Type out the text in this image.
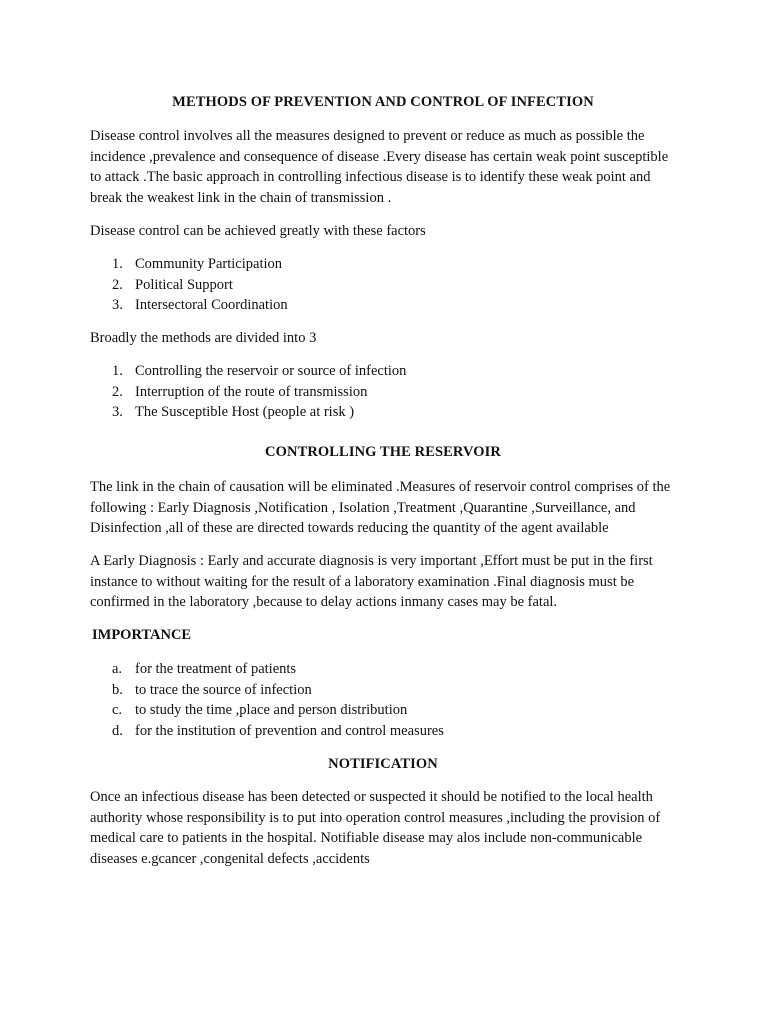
METHODS OF PREVENTION AND CONTROL OF INFECTION

Disease control involves all the measures designed to prevent or reduce as much as possible the incidence ,prevalence and consequence of disease .Every disease has certain weak point susceptible to attack .The basic approach in controlling infectious disease is to identify these weak point and break the weakest link in the chain of transmission .

Disease control can be achieved greatly with these factors

1. Community Participation
2. Political Support
3. Intersectoral Coordination

Broadly the methods are divided into 3

1. Controlling the reservoir or source of infection
2. Interruption of the route of transmission
3. The Susceptible Host (people at risk )
CONTROLLING THE RESERVOIR

The link in the chain of causation will be eliminated .Measures of reservoir control comprises of the following : Early Diagnosis ,Notification , Isolation ,Treatment ,Quarantine ,Surveillance, and Disinfection ,all of these are directed towards reducing the quantity of the agent available

A Early Diagnosis : Early and accurate diagnosis is very important ,Effort must be put in the first instance to without waiting for the result of a laboratory examination .Final diagnosis must be confirmed in the laboratory ,because to delay actions inmany cases may be fatal.

IMPORTANCE
a. for the treatment of patients
b. to trace the source of infection
c. to study the time ,place and person distribution
d. for the institution of prevention and control measures
NOTIFICATION

Once an infectious disease has been detected or suspected it should be notified to the local health authority whose responsibility is to put into operation control measures ,including the provision of medical care to patients in the hospital. Notifiable disease may alos include non-communicable diseases e.gcancer ,congenital defects ,accidents
